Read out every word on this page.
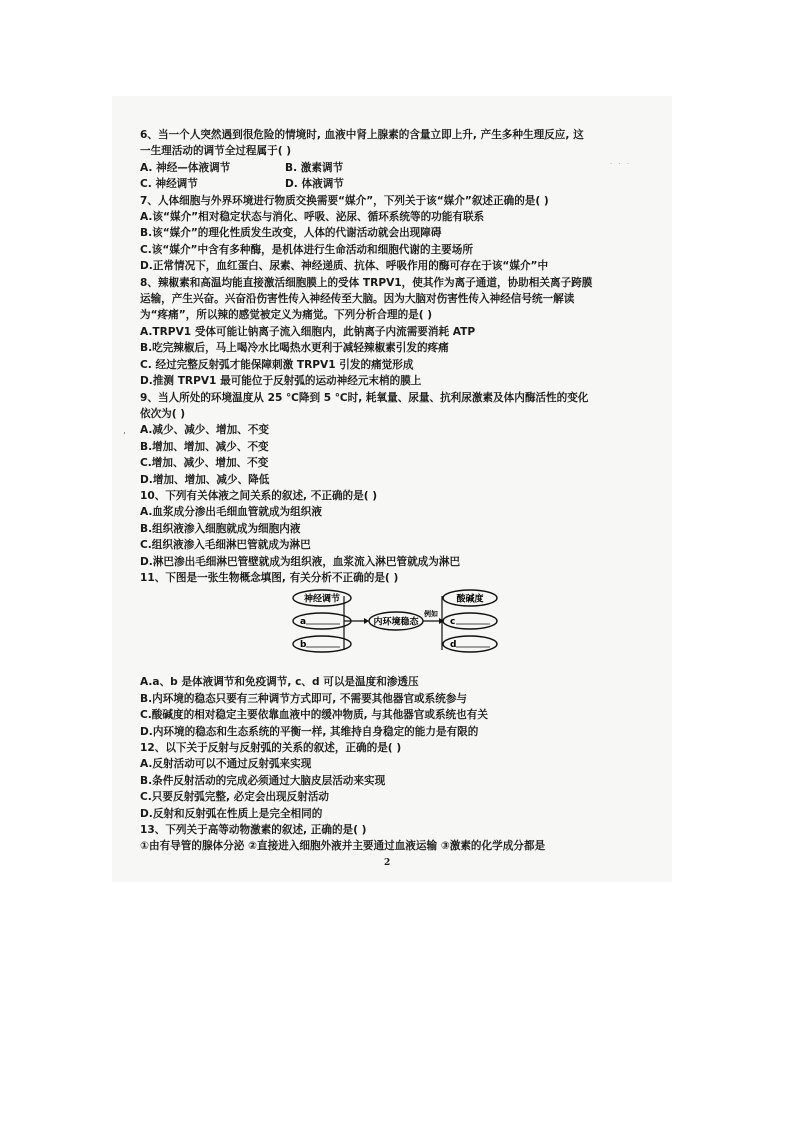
· · ·
´
6、当一个人突然遇到很危险的情境时, 血液中肾上腺素的含量立即上升, 产生多种生理反应, 这
一生理活动的调节全过程属于( )
A. 神经—体液调节	B. 激素调节
C. 神经调节	D. 体液调节
7、人体细胞与外界环境进行物质交换需要“媒介”，下列关于该“媒介”叙述正确的是( )
A.该“媒介”相对稳定状态与消化、呼吸、泌尿、循环系统等的功能有联系
B.该“媒介”的理化性质发生改变，人体的代谢活动就会出现障碍
C.该“媒介”中含有多种酶，是机体进行生命活动和细胞代谢的主要场所
D.正常情况下，血红蛋白、尿素、神经递质、抗体、呼吸作用的酶可存在于该“媒介”中
8、辣椒素和高温均能直接激活细胞膜上的受体 TRPV1，使其作为离子通道，协助相关离子跨膜
运输，产生兴奋。兴奋沿伤害性传入神经传至大脑。因为大脑对伤害性传入神经信号统一解读
为“疼痛”，所以辣的感觉被定义为痛觉。下列分析合理的是( )
A.TRPV1 受体可能让钠离子流入细胞内，此钠离子内流需要消耗 ATP
B.吃完辣椒后，马上喝冷水比喝热水更利于减轻辣椒素引发的疼痛
C. 经过完整反射弧才能保障刺激 TRPV1 引发的痛觉形成
D.推测 TRPV1 最可能位于反射弧的运动神经元末梢的膜上
9、当人所处的环境温度从 25 ℃降到 5 ℃时, 耗氧量、尿量、抗利尿激素及体内酶活性的变化
依次为( )
A.减少、减少、增加、不变
B.增加、增加、减少、不变
C.增加、减少、增加、不变
D.增加、增加、减少、降低
10、下列有关体液之间关系的叙述, 不正确的是( )
A.血浆成分渗出毛细血管就成为组织液
B.组织液渗入细胞就成为细胞内液
C.组织液渗入毛细淋巴管就成为淋巴
D.淋巴渗出毛细淋巴管壁就成为组织液，血浆流入淋巴管就成为淋巴
11、下图是一张生物概念填图, 有关分析不正确的是( )
神经调节
a
b
内环境稳态
例如
酸碱度
c
d
A.a、b 是体液调节和免疫调节, c、d 可以是温度和渗透压
B.内环境的稳态只要有三种调节方式即可, 不需要其他器官或系统参与
C.酸碱度的相对稳定主要依靠血液中的缓冲物质, 与其他器官或系统也有关
D.内环境的稳态和生态系统的平衡一样, 其维持自身稳定的能力是有限的
12、以下关于反射与反射弧的关系的叙述，正确的是( )
A.反射活动可以不通过反射弧来实现
B.条件反射活动的完成必须通过大脑皮层活动来实现
C.只要反射弧完整, 必定会出现反射活动
D.反射和反射弧在性质上是完全相同的
13、下列关于高等动物激素的叙述, 正确的是( )
①由有导管的腺体分泌 ②直接进入细胞外液并主要通过血液运输 ③激素的化学成分都是
2
